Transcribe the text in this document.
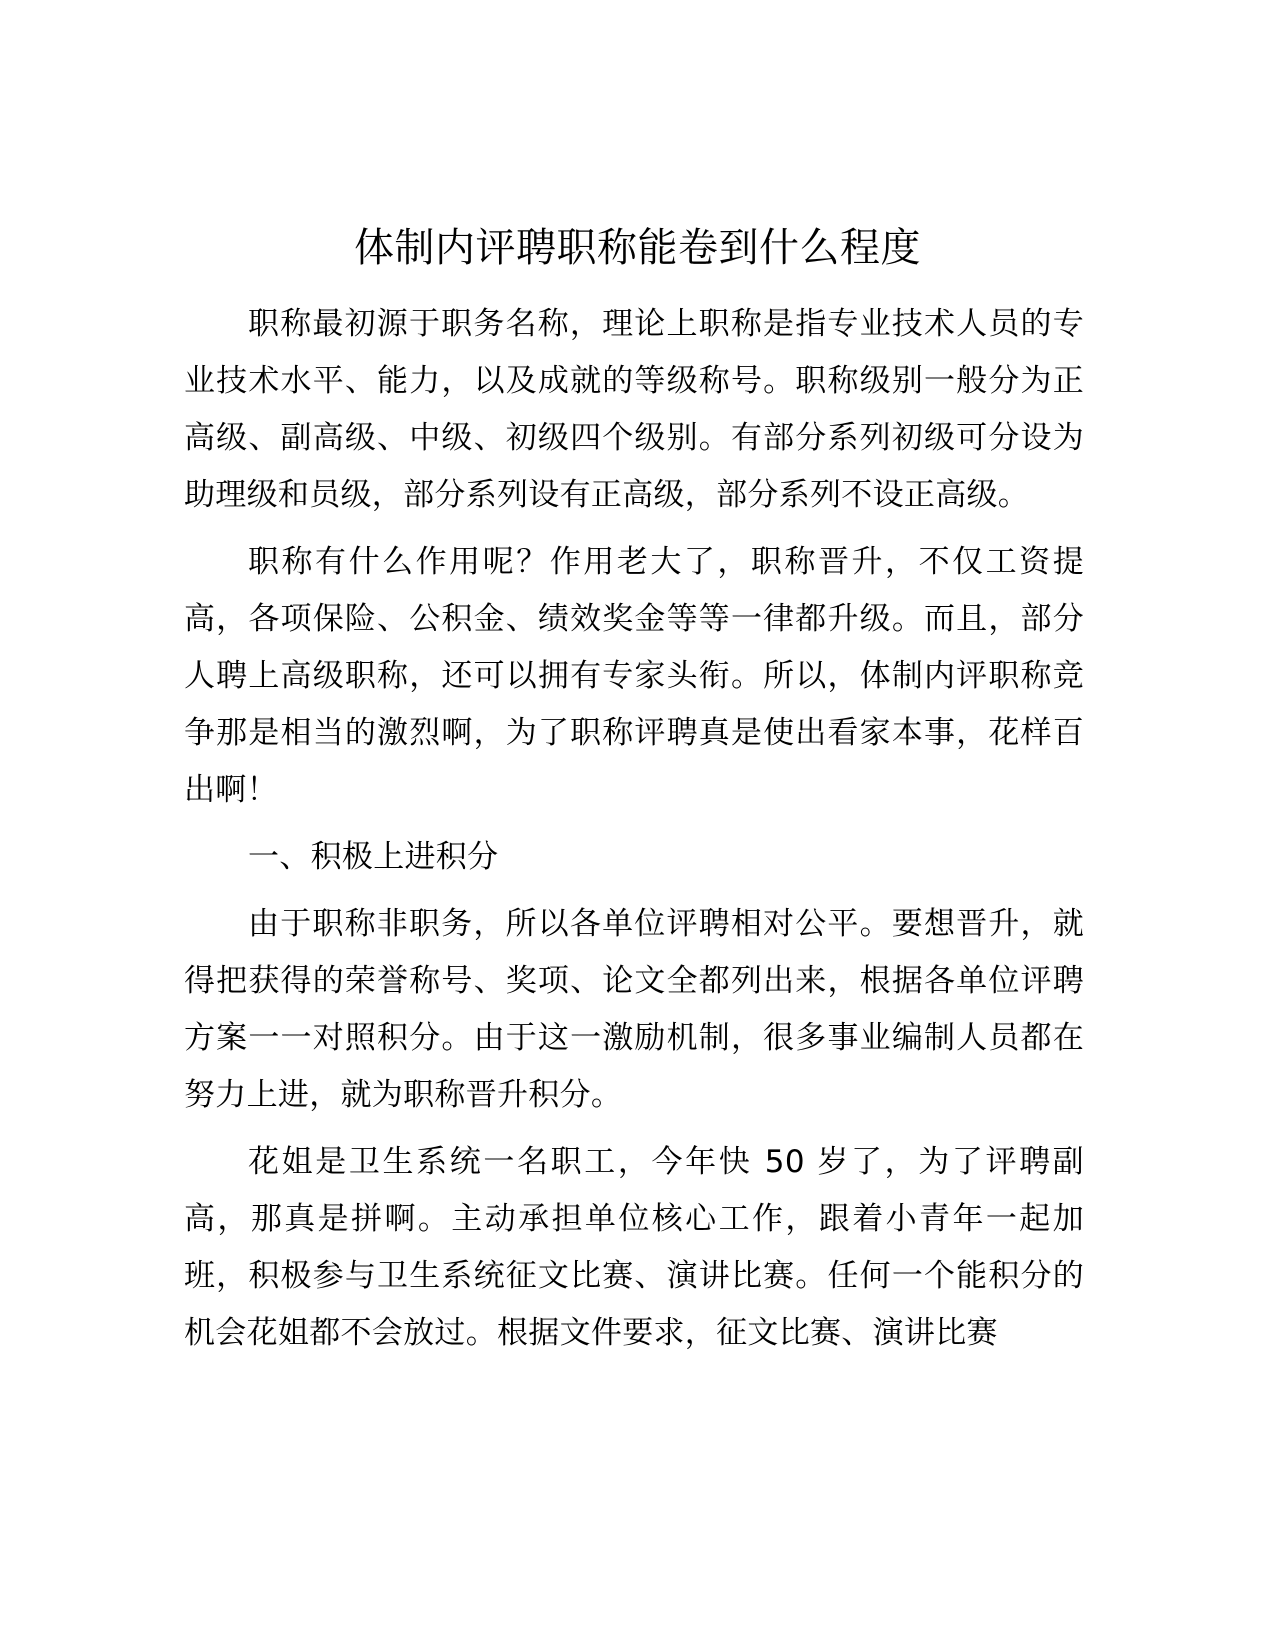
体制内评聘职称能卷到什么程度

职称最初源于职务名称，理论上职称是指专业技术人员的专业技术水平、能力，以及成就的等级称号。职称级别一般分为正高级、副高级、中级、初级四个级别。有部分系列初级可分设为助理级和员级，部分系列设有正高级，部分系列不设正高级。

职称有什么作用呢？作用老大了，职称晋升，不仅工资提高，各项保险、公积金、绩效奖金等等一律都升级。而且，部分人聘上高级职称，还可以拥有专家头衔。所以，体制内评职称竞争那是相当的激烈啊，为了职称评聘真是使出看家本事，花样百出啊！

一、积极上进积分

由于职称非职务，所以各单位评聘相对公平。要想晋升，就得把获得的荣誉称号、奖项、论文全都列出来，根据各单位评聘方案一一对照积分。由于这一激励机制，很多事业编制人员都在努力上进，就为职称晋升积分。

花姐是卫生系统一名职工，今年快 50 岁了，为了评聘副高，那真是拼啊。主动承担单位核心工作，跟着小青年一起加班，积极参与卫生系统征文比赛、演讲比赛。任何一个能积分的机会花姐都不会放过。根据文件要求，征文比赛、演讲比赛
